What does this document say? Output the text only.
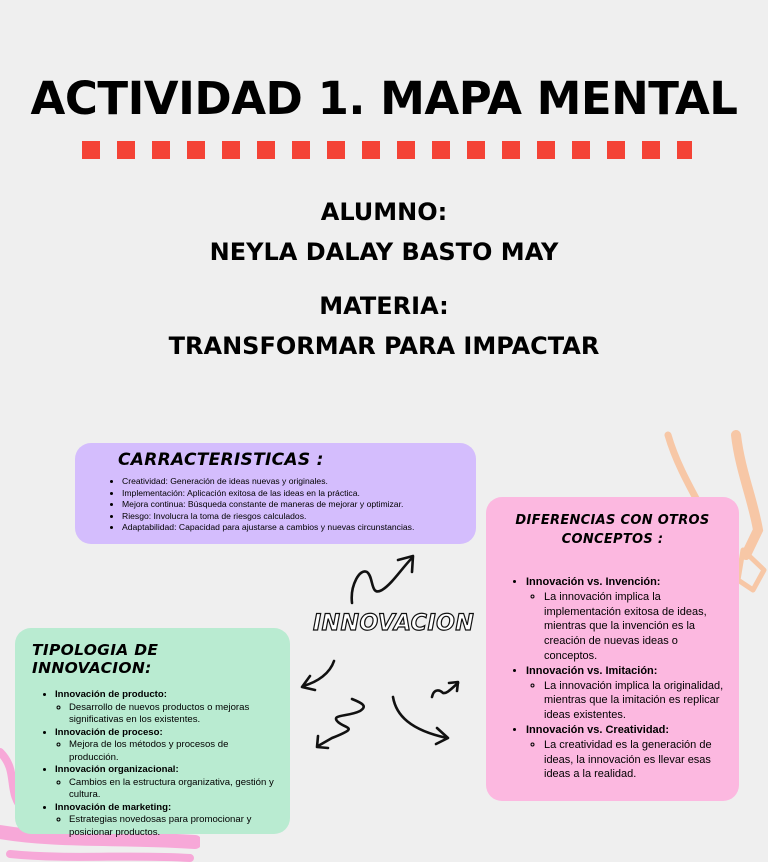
ACTIVIDAD 1. MAPA MENTAL
ALUMNO:
NEYLA DALAY BASTO MAY
MATERIA:
TRANSFORMAR PARA IMPACTAR
CARRACTERISTICAS :
• Creatividad: Generación de ideas nuevas y originales.
• Implementación: Aplicación exitosa de las ideas en la práctica.
• Mejora continua: Búsqueda constante de maneras de mejorar y optimizar.
• Riesgo: Involucra la toma de riesgos calculados.
• Adaptabilidad: Capacidad para ajustarse a cambios y nuevas circunstancias.
TIPOLOGIA DE INNOVACION:
• Innovación de producto:
◦ Desarrollo de nuevos productos o mejoras significativas en los existentes.
• Innovación de proceso:
◦ Mejora de los métodos y procesos de producción.
• Innovación organizacional:
◦ Cambios en la estructura organizativa, gestión y cultura.
• Innovación de marketing:
◦ Estrategias novedosas para promocionar y posicionar productos.
DIFERENCIAS CON OTROS
CONCEPTOS :
• Innovación vs. Invención:
◦ La innovación implica la implementación exitosa de ideas, mientras que la invención es la creación de nuevas ideas o conceptos.
• Innovación vs. Imitación:
◦ La innovación implica la originalidad, mientras que la imitación es replicar ideas existentes.
• Innovación vs. Creatividad:
◦ La creatividad es la generación de ideas, la innovación es llevar esas ideas a la realidad.
INNOVACION
